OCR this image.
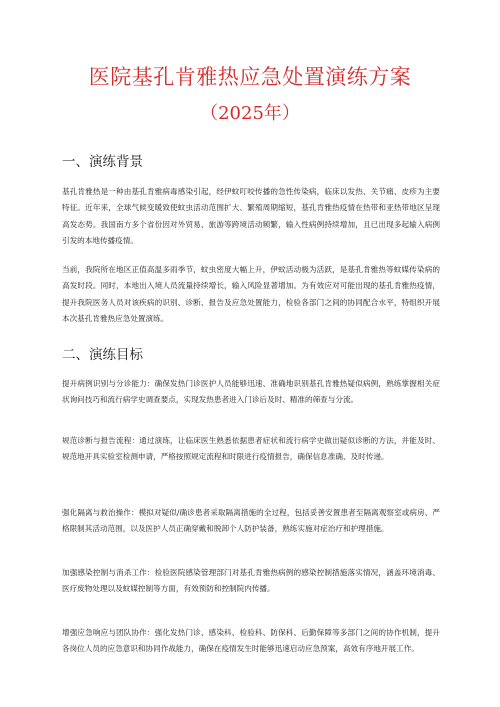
医院基孔肯雅热应急处置演练方案
（2025年）
一、演练背景

基孔肯雅热是一种由基孔肯雅病毒感染引起，经伊蚊叮咬传播的急性传染病，临床以发热、关节痛、皮疹为主要特征。近年来，全球气候变暖致使蚊虫活动范围扩大、繁殖周期缩短，基孔肯雅热疫情在热带和亚热带地区呈现高发态势。我国南方多个省份因对外贸易、旅游等跨境活动频繁，输入性病例持续增加，且已出现多起输入病例引发的本地传播疫情。

当前，我院所在地区正值高温多雨季节，蚊虫密度大幅上升，伊蚊活动极为活跃，是基孔肯雅热等蚊媒传染病的高发时段。同时，本地出入境人员流量持续增长，输入风险显著增加。为有效应对可能出现的基孔肯雅热疫情，提升我院医务人员对该疾病的识别、诊断、报告及应急处置能力，检验各部门之间的协同配合水平，特组织开展本次基孔肯雅热应急处置演练。

二、演练目标

提升病例识别与分诊能力：确保发热门诊医护人员能够迅速、准确地识别基孔肯雅热疑似病例，熟练掌握相关症状询问技巧和流行病学史调查要点，实现发热患者进入门诊后及时、精准的筛查与分流。

规范诊断与报告流程：通过演练，让临床医生熟悉依据患者症状和流行病学史做出疑似诊断的方法，并能及时、规范地开具实验室检测申请，严格按照规定流程和时限进行疫情报告，确保信息准确、及时传递。

强化隔离与救治操作：模拟对疑似/确诊患者采取隔离措施的全过程，包括妥善安置患者至隔离观察室或病房、严格限制其活动范围，以及医护人员正确穿戴和脱卸个人防护装备，熟练实施对症治疗和护理措施。

加强感染控制与消杀工作：检验医院感染管理部门对基孔肯雅热病例的感染控制措施落实情况，涵盖环境消毒、医疗废物处理以及蚊媒控制等方面，有效预防和控制院内传播。

增强应急响应与团队协作：强化发热门诊、感染科、检验科、防保科、后勤保障等多部门之间的协作机制，提升各岗位人员的应急意识和协同作战能力，确保在疫情发生时能够迅速启动应急预案，高效有序地开展工作。
